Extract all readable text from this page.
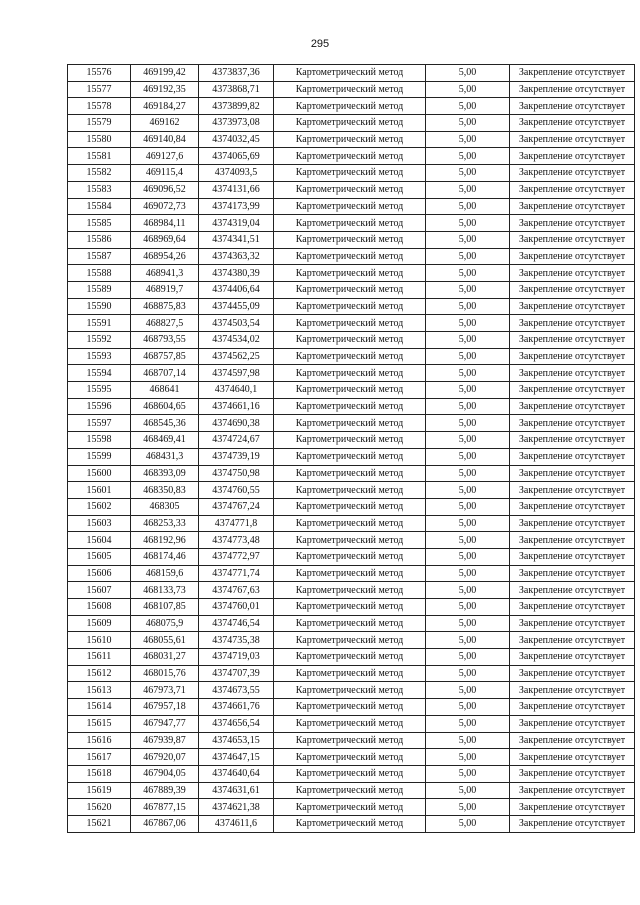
295
15576	469199,42	4373837,36	Картометрический метод	5,00	Закрепление отсутствует
15577	469192,35	4373868,71	Картометрический метод	5,00	Закрепление отсутствует
15578	469184,27	4373899,82	Картометрический метод	5,00	Закрепление отсутствует
15579	469162	4373973,08	Картометрический метод	5,00	Закрепление отсутствует
15580	469140,84	4374032,45	Картометрический метод	5,00	Закрепление отсутствует
15581	469127,6	4374065,69	Картометрический метод	5,00	Закрепление отсутствует
15582	469115,4	4374093,5	Картометрический метод	5,00	Закрепление отсутствует
15583	469096,52	4374131,66	Картометрический метод	5,00	Закрепление отсутствует
15584	469072,73	4374173,99	Картометрический метод	5,00	Закрепление отсутствует
15585	468984,11	4374319,04	Картометрический метод	5,00	Закрепление отсутствует
15586	468969,64	4374341,51	Картометрический метод	5,00	Закрепление отсутствует
15587	468954,26	4374363,32	Картометрический метод	5,00	Закрепление отсутствует
15588	468941,3	4374380,39	Картометрический метод	5,00	Закрепление отсутствует
15589	468919,7	4374406,64	Картометрический метод	5,00	Закрепление отсутствует
15590	468875,83	4374455,09	Картометрический метод	5,00	Закрепление отсутствует
15591	468827,5	4374503,54	Картометрический метод	5,00	Закрепление отсутствует
15592	468793,55	4374534,02	Картометрический метод	5,00	Закрепление отсутствует
15593	468757,85	4374562,25	Картометрический метод	5,00	Закрепление отсутствует
15594	468707,14	4374597,98	Картометрический метод	5,00	Закрепление отсутствует
15595	468641	4374640,1	Картометрический метод	5,00	Закрепление отсутствует
15596	468604,65	4374661,16	Картометрический метод	5,00	Закрепление отсутствует
15597	468545,36	4374690,38	Картометрический метод	5,00	Закрепление отсутствует
15598	468469,41	4374724,67	Картометрический метод	5,00	Закрепление отсутствует
15599	468431,3	4374739,19	Картометрический метод	5,00	Закрепление отсутствует
15600	468393,09	4374750,98	Картометрический метод	5,00	Закрепление отсутствует
15601	468350,83	4374760,55	Картометрический метод	5,00	Закрепление отсутствует
15602	468305	4374767,24	Картометрический метод	5,00	Закрепление отсутствует
15603	468253,33	4374771,8	Картометрический метод	5,00	Закрепление отсутствует
15604	468192,96	4374773,48	Картометрический метод	5,00	Закрепление отсутствует
15605	468174,46	4374772,97	Картометрический метод	5,00	Закрепление отсутствует
15606	468159,6	4374771,74	Картометрический метод	5,00	Закрепление отсутствует
15607	468133,73	4374767,63	Картометрический метод	5,00	Закрепление отсутствует
15608	468107,85	4374760,01	Картометрический метод	5,00	Закрепление отсутствует
15609	468075,9	4374746,54	Картометрический метод	5,00	Закрепление отсутствует
15610	468055,61	4374735,38	Картометрический метод	5,00	Закрепление отсутствует
15611	468031,27	4374719,03	Картометрический метод	5,00	Закрепление отсутствует
15612	468015,76	4374707,39	Картометрический метод	5,00	Закрепление отсутствует
15613	467973,71	4374673,55	Картометрический метод	5,00	Закрепление отсутствует
15614	467957,18	4374661,76	Картометрический метод	5,00	Закрепление отсутствует
15615	467947,77	4374656,54	Картометрический метод	5,00	Закрепление отсутствует
15616	467939,87	4374653,15	Картометрический метод	5,00	Закрепление отсутствует
15617	467920,07	4374647,15	Картометрический метод	5,00	Закрепление отсутствует
15618	467904,05	4374640,64	Картометрический метод	5,00	Закрепление отсутствует
15619	467889,39	4374631,61	Картометрический метод	5,00	Закрепление отсутствует
15620	467877,15	4374621,38	Картометрический метод	5,00	Закрепление отсутствует
15621	467867,06	4374611,6	Картометрический метод	5,00	Закрепление отсутствует
